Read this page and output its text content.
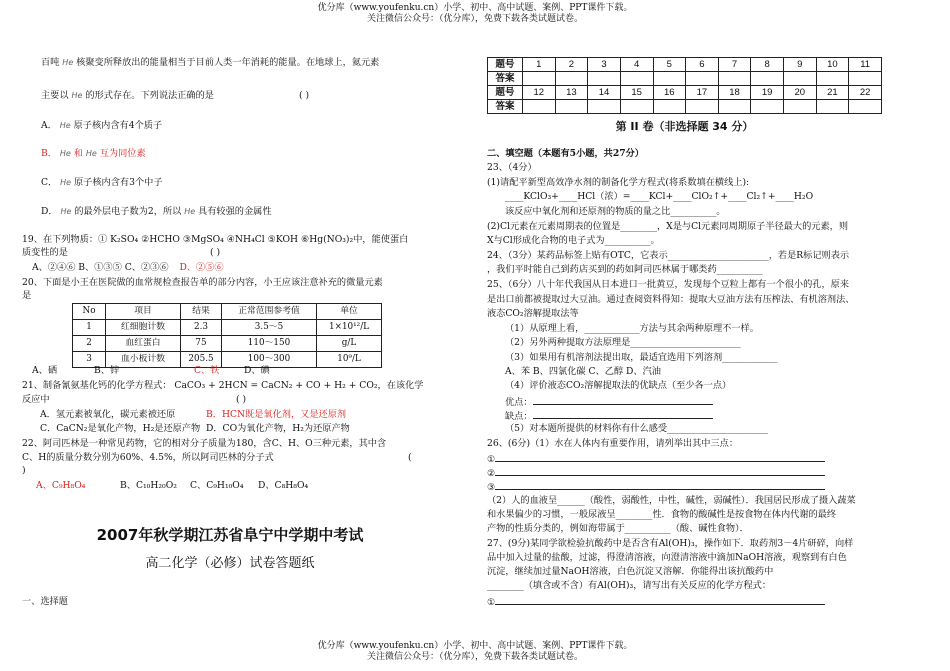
优分库（www.youfenku.cn）小学、初中、高中试题、案例、PPT课件下载。
关注微信公众号：（优分库），免费下载各类试题试卷。
百吨 He 核聚变所释放出的能量相当于目前人类一年消耗的能量。在地球上，氦元素
主要以 He 的形式存在。下列说法正确的是	( )
A． He 原子核内含有4个质子
B． He 和 He 互为同位素
C． He 原子核内含有3个中子
D． He 的最外层电子数为2，所以 He 具有较强的金属性
19、在下列物质：① K₂SO₄ ②HCHO ③MgSO₄ ④NH₄Cl ⑤KOH ⑥Hg(NO₃)₂中，能使蛋白
质变性的是	( )
A、②④⑥ B、①③⑤ C、②③⑥ D、②⑤⑥
20、下面是小王在医院做的血常规检查报告单的部分内容，小王应该注意补充的微量元素
是
No	项目	结果	正常范围参考值	单位
1	红细胞计数	2.3	3.5～5	1×10¹²/L
2	血红蛋白	75	110～150	g/L
3	血小板计数	205.5	100～300	10⁹/L
A、硒	B、锌	C、铁	D、碘
21、制备氰氨基化钙的化学方程式： CaCO₃ + 2HCN = CaCN₂ + CO + H₂ + CO₂，在该化学
反应中	( )
A．氢元素被氧化，碳元素被还原	B．HCN既是氧化剂，又是还原剂
C．CaCN₂是氧化产物，H₂是还原产物 D．CO为氧化产物，H₂为还原产物
22、阿司匹林是一种常见药物，它的相对分子质量为180，含C、H、O三种元素，其中含
C、H的质量分数分别为60%、4.5%，所以阿司匹林的分子式	(
)
A、C₉H₈O₄	B、C₁₀H₂₀O₂ C、C₉H₁₀O₄ D、C₈H₈O₄
2007年秋学期江苏省阜宁中学期中考试
高二化学（必修）试卷答题纸
一、选择题
题号	1	2	3	4	5	6	7	8	9	10	11
答案											
题号	12	13	14	15	16	17	18	19	20	21	22
答案											
第 II 卷（非选择题 34 分）
二、填空题（本题有5小题，共27分）
23、（4分）
(1)请配平新型高效净水剂的制备化学方程式(将系数填在横线上):
____KClO₃+____HCl（浓）=____KCl+____ClO₂↑+____Cl₂↑+____H₂O
该反应中氧化剂和还原剂的物质的量之比__________。
(2)Cl元素在元素周期表的位置是________，X是与Cl元素同周期原子半径最大的元素，则
X与Cl形成化合物的电子式为__________。
24、（3分）某药品标签上贴有OTC，它表示______________________，若是R标记则表示
，我们平时能自己到药店买到的药如阿司匹林属于哪类药__________
25、（6分）八十年代我国从日本进口一批黄豆，发现每个豆粒上都有一个很小的孔，原来
是出口前都被提取过大豆油。通过查阅资料得知：提取大豆油方法有压榨法、有机溶剂法、
液态CO₂溶解提取法等
（1）从原理上看，____________方法与其余两种原理不一样。
（2）另外两种提取方法原理是________________________
（3）如果用有机溶剂法提出取，最适宜选用下列溶剂____________
A、苯 B、四氯化碳 C、乙醇 D、汽油
（4）评价液态CO₂溶解提取法的优缺点（至少各一点）
优点：
缺点：
（5）对本题所提供的材料你有什么感受______________________
26、(6分)（1）水在人体内有重要作用，请列举出其中三点：
①
②
③
（2）人的血液呈______（酸性，弱酸性，中性，碱性，弱碱性）．我国居民形成了摄入蔬菜
和水果偏少的习惯，一般尿液呈________性．食物的酸碱性是按食物在体内代谢的最终
产物的性质分类的，例如海带属于__________（酸、碱性食物）．
27、(9分)某同学欲检验抗酸药中是否含有Al(OH)₃，操作如下．取药剂3－4片研碎，向样
品中加入过量的盐酸，过滤，得澄清溶液，向澄清溶液中滴加NaOH溶液，观察到有白色
沉淀，继续加过量NaOH溶液，白色沉淀又溶解．你能得出该抗酸药中
________（填含或不含）有Al(OH)₃，请写出有关反应的化学方程式：
①
优分库（www.youfenku.cn）小学、初中、高中试题、案例、PPT课件下载。
关注微信公众号：（优分库），免费下载各类试题试卷。
